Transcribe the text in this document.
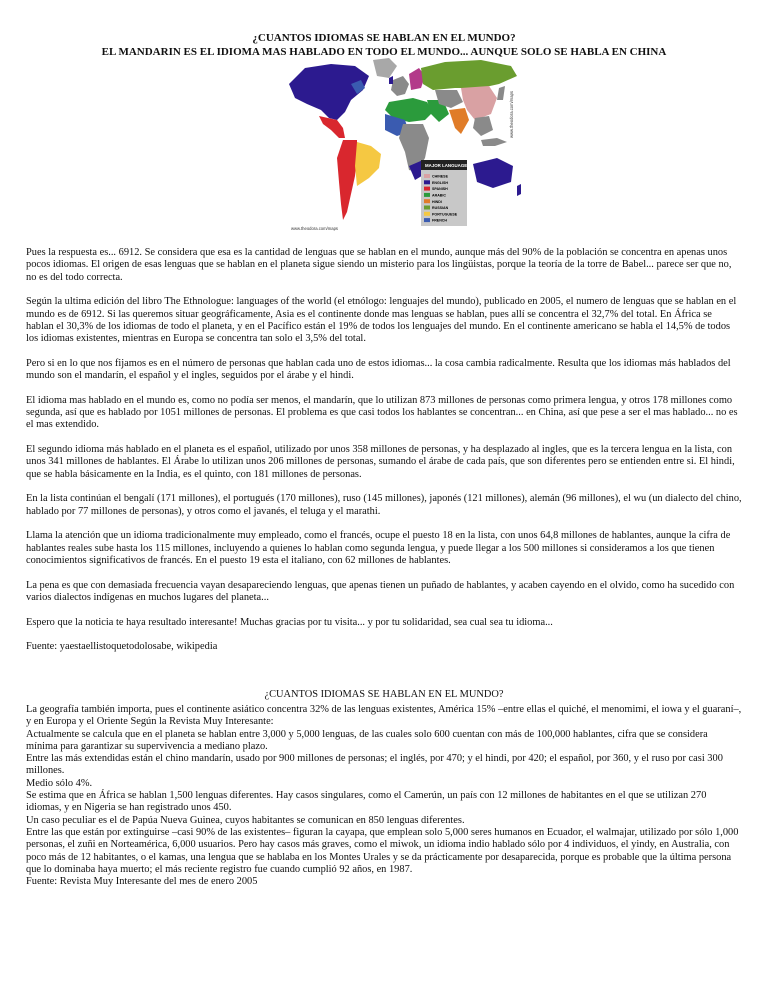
¿CUANTOS IDIOMAS SE HABLAN EN EL MUNDO?
EL MANDARIN ES EL IDIOMA MAS HABLADO EN TODO EL MUNDO... AUNQUE SOLO SE HABLA EN CHINA
MAJOR LANGUAGES
CHINESE
ENGLISH
SPANISH
ARABIC
HINDI
RUSSIAN
PORTUGUESE
FRENCH
www.theodora.com/maps
www.theodora.com/maps

Pues la respuesta es... 6912. Se considera que esa es la cantidad de lenguas que se hablan en el mundo, aunque más del 90% de la población se concentra en apenas unos pocos idiomas. El origen de esas lenguas que se hablan en el planeta sigue siendo un misterio para los lingüistas, porque la teoría de la torre de Babel... parece ser que no, no es del todo correcta.

Según la ultima edición del libro The Ethnologue: languages of the world (el etnólogo: lenguajes del mundo), publicado en 2005, el numero de lenguas que se hablan en el mundo es de 6912. Si las queremos situar geográficamente, Asia es el continente donde mas lenguas se hablan, pues allí se concentra el 32,7% del total. En África se hablan el 30,3% de los idiomas de todo el planeta, y en el Pacífico están el 19% de todos los lenguajes del mundo. En el continente americano se habla el 14,5% de todos los idiomas existentes, mientras en Europa se concentra tan solo el 3,5% del total.

Pero si en lo que nos fijamos es en el número de personas que hablan cada uno de estos idiomas... la cosa cambia radicalmente. Resulta que los idiomas más hablados del mundo son el mandarín, el español y el ingles, seguidos por el árabe y el hindi.

El idioma mas hablado en el mundo es, como no podía ser menos, el mandarín, que lo utilizan 873 millones de personas como primera lengua, y otros 178 millones como segunda, así que es hablado por 1051 millones de personas. El problema es que casi todos los hablantes se concentran... en China, así que pese a ser el mas hablado... no es el mas extendido.

El segundo idioma más hablado en el planeta es el español, utilizado por unos 358 millones de personas, y ha desplazado al ingles, que es la tercera lengua en la lista, con unos 341 millones de hablantes. El Árabe lo utilizan unos 206 millones de personas, sumando el árabe de cada país, que son diferentes pero se entienden entre si. El hindi, que se habla básicamente en la India, es el quinto, con 181 millones de personas.

En la lista continúan el bengalí (171 millones), el portugués (170 millones), ruso (145 millones), japonés (121 millones), alemán (96 millones), el wu (un dialecto del chino, hablado por 77 millones de personas), y otros como el javanés, el teluga y el marathi.

Llama la atención que un idioma tradicionalmente muy empleado, como el francés, ocupe el puesto 18 en la lista, con unos 64,8 millones de hablantes, aunque la cifra de hablantes reales sube hasta los 115 millones, incluyendo a quienes lo hablan como segunda lengua, y puede llegar a los 500 millones si consideramos a los que tienen conocimientos significativos de francés. En el puesto 19 esta el italiano, con 62 millones de hablantes.

La pena es que con demasiada frecuencia vayan desapareciendo lenguas, que apenas tienen un puñado de hablantes, y acaben cayendo en el olvido, como ha sucedido con varios dialectos indígenas en muchos lugares del planeta...

Espero que la noticia te haya resultado interesante! Muchas gracias por tu visita... y por tu solidaridad, sea cual sea tu idioma...

Fuente: yaestaellistoquetodolosabe, wikipedia

¿CUANTOS IDIOMAS SE HABLAN EN EL MUNDO?
La geografía también importa, pues el continente asiático concentra 32% de las lenguas existentes, América 15% –entre ellas el quiché, el menomimi, el iowa y el guaraní–, y en Europa y el Oriente Según la Revista Muy Interesante:
Actualmente se calcula que en el planeta se hablan entre 3,000 y 5,000 lenguas, de las cuales solo 600 cuentan con más de 100,000 hablantes, cifra que se considera mínima para garantizar su supervivencia a mediano plazo.
Entre las más extendidas están el chino mandarín, usado por 900 millones de personas; el inglés, por 470; y el hindi, por 420; el español, por 360, y el ruso por casi 300 millones.
Medio sólo 4%.
Se estima que en África se hablan 1,500 lenguas diferentes. Hay casos singulares, como el Camerún, un país con 12 millones de habitantes en el que se utilizan 270 idiomas, y en Nigeria se han registrado unos 450.
Un caso peculiar es el de Papúa Nueva Guinea, cuyos habitantes se comunican en 850 lenguas diferentes.
Entre las que están por extinguirse –casi 90% de las existentes– figuran la cayapa, que emplean solo 5,000 seres humanos en Ecuador, el walmajar, utilizado por sólo 1,000 personas, el zuñi en Norteamérica, 6,000 usuarios. Pero hay casos más graves, como el miwok, un idioma indio hablado sólo por 4 individuos, el yindy, en Australia, con poco más de 12 habitantes, o el kamas, una lengua que se hablaba en los Montes Urales y se da prácticamente por desaparecida, porque es probable que la última persona que lo dominaba haya muerto; el más reciente registro fue cuando cumplió 92 años, en 1987.
Fuente: Revista Muy Interesante del mes de enero 2005
